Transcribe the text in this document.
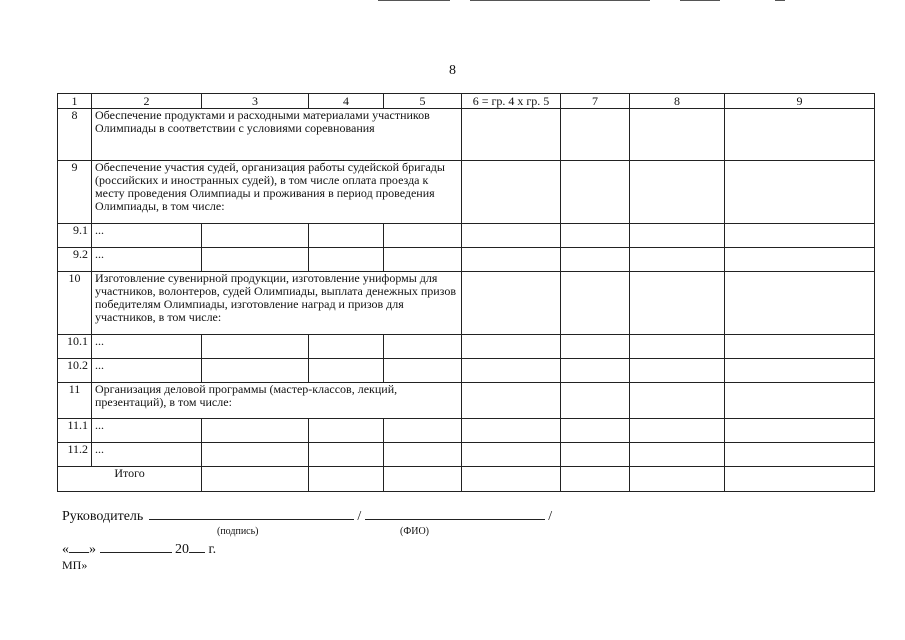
8
1	2	3	4	5	6 = гр. 4 х гр. 5	7	8	9
8	Обеспечение продуктами и расходными материалами участников Олимпиады в соответствии с условиями соревнования							
9	Обеспечение участия судей, организация работы судейской бригады (российских и иностранных судей), в том числе оплата проезда к месту проведения Олимпиады и проживания в период проведения Олимпиады, в том числе:							
9.1	...							
9.2	...							
10	Изготовление сувенирной продукции, изготовление униформы для участников, волонтеров, судей Олимпиады, выплата денежных призов победителям Олимпиады, изготовление наград и призов для участников, в том числе:							
10.1	...							
10.2	...							
11	Организация деловой программы (мастер-классов, лекций, презентаций), в том числе:							
11.1	...							
11.2	...							
Итого								
Руководитель	/	/
(подпись)	(ФИО)
« »	20 г.
МП»
